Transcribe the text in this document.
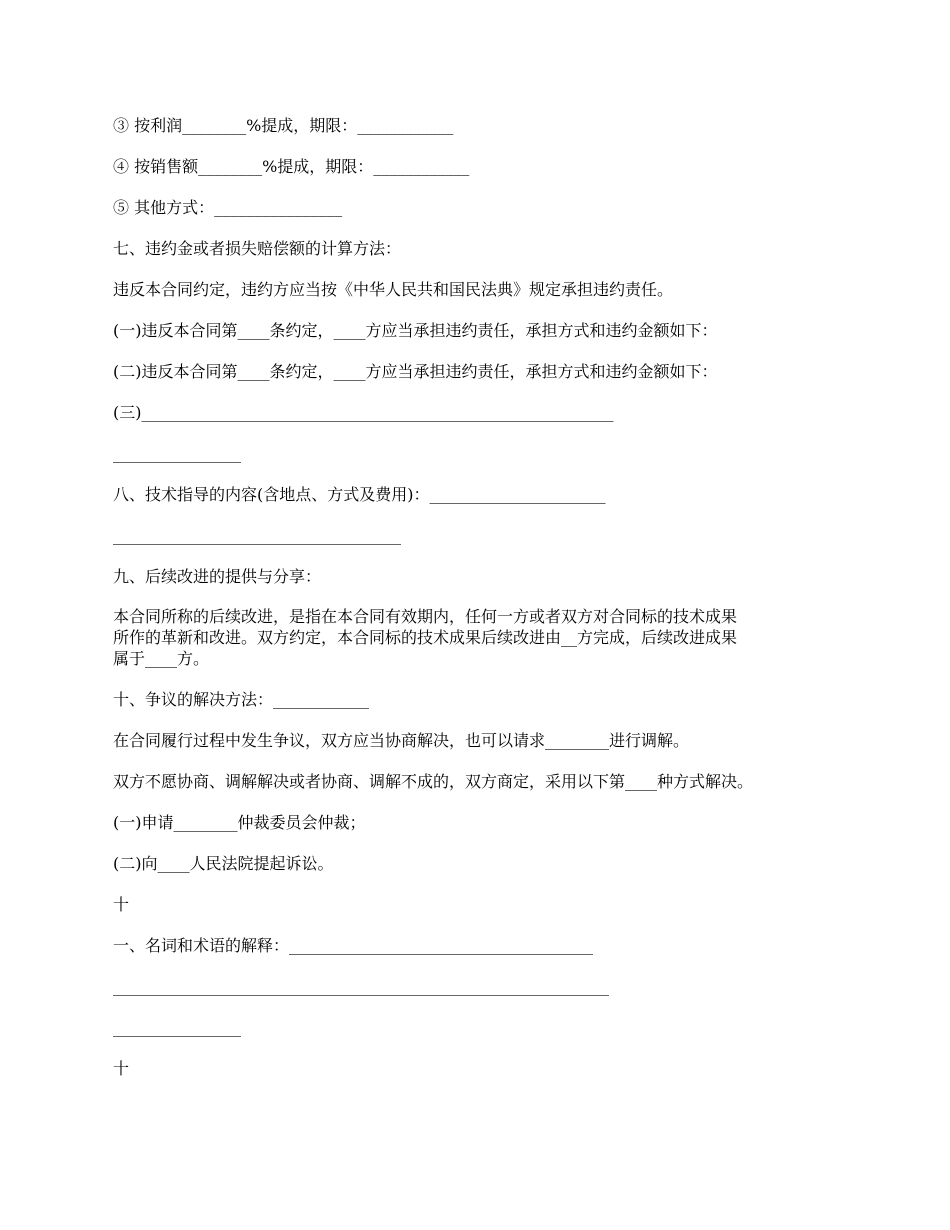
③ 按利润________%提成，期限：____________

④ 按销售额________%提成，期限：____________

⑤ 其他方式：________________

七、违约金或者损失赔偿额的计算方法：

违反本合同约定，违约方应当按《中华人民共和国民法典》规定承担违约责任。

(一)违反本合同第____条约定，____方应当承担违约责任，承担方式和违约金额如下：

(二)违反本合同第____条约定，____方应当承担违约责任，承担方式和违约金额如下：

(三)___________________________________________________________

________________

八、技术指导的内容(含地点、方式及费用)：______________________

____________________________________

九、后续改进的提供与分享：

本合同所称的后续改进，是指在本合同有效期内，任何一方或者双方对合同标的技术成果
所作的革新和改进。双方约定，本合同标的技术成果后续改进由__方完成，后续改进成果
属于____方。

十、争议的解决方法：____________

在合同履行过程中发生争议，双方应当协商解决，也可以请求________进行调解。

双方不愿协商、调解解决或者协商、调解不成的，双方商定，采用以下第____种方式解决。

(一)申请________仲裁委员会仲裁；

(二)向____人民法院提起诉讼。

十

一、名词和术语的解释：______________________________________

______________________________________________________________

________________

十
